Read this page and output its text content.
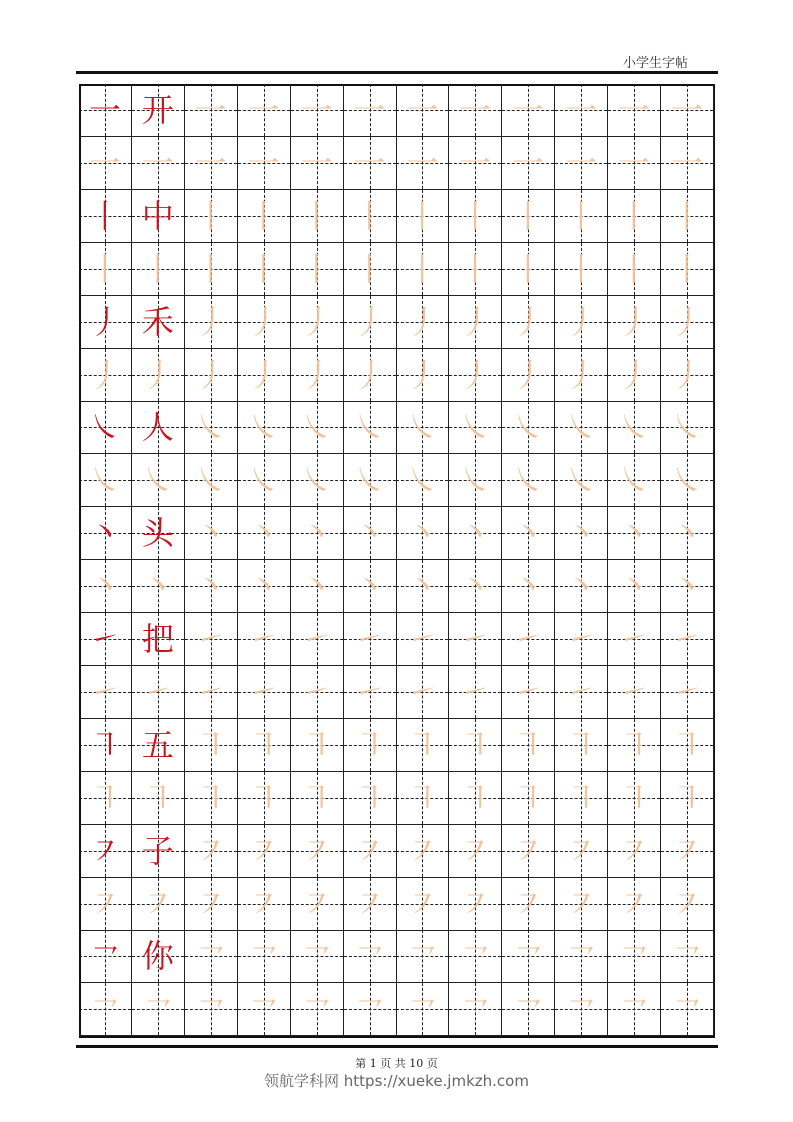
小学生字帖
一 开 一 一 一 一 一 一 一 一 一 一
一 一 一 一 一 一 一 一 一 一 一 一
丨 中 丨 丨 丨 丨 丨 丨 丨 丨 丨 丨
丨 丨 丨 丨 丨 丨 丨 丨 丨 丨 丨 丨
丿 禾 丿 丿 丿 丿 丿 丿 丿 丿 丿 丿
丿 丿 丿 丿 丿 丿 丿 丿 丿 丿 丿 丿
㇏ 人 ㇏ ㇏ ㇏ ㇏ ㇏ ㇏ ㇏ ㇏ ㇏ ㇏
㇏ ㇏ ㇏ ㇏ ㇏ ㇏ ㇏ ㇏ ㇏ ㇏ ㇏ ㇏
丶 头 丶 丶 丶 丶 丶 丶 丶 丶 丶 丶
丶 丶 丶 丶 丶 丶 丶 丶 丶 丶 丶 丶
㇀ 把 ㇀ ㇀ ㇀ ㇀ ㇀ ㇀ ㇀ ㇀ ㇀ ㇀
㇀ ㇀ ㇀ ㇀ ㇀ ㇀ ㇀ ㇀ ㇀ ㇀ ㇀ ㇀
㇕ 五 ㇕ ㇕ ㇕ ㇕ ㇕ ㇕ ㇕ ㇕ ㇕ ㇕
㇕ ㇕ ㇕ ㇕ ㇕ ㇕ ㇕ ㇕ ㇕ ㇕ ㇕ ㇕
㇇ 子 ㇇ ㇇ ㇇ ㇇ ㇇ ㇇ ㇇ ㇇ ㇇ ㇇
㇇ ㇇ ㇇ ㇇ ㇇ ㇇ ㇇ ㇇ ㇇ ㇇ ㇇ ㇇
㇖ 你 ㇖ ㇖ ㇖ ㇖ ㇖ ㇖ ㇖ ㇖ ㇖ ㇖
㇖ ㇖ ㇖ ㇖ ㇖ ㇖ ㇖ ㇖ ㇖ ㇖ ㇖ ㇖
第 1 页 共 10 页
领航学科网 https://xueke.jmkzh.com
